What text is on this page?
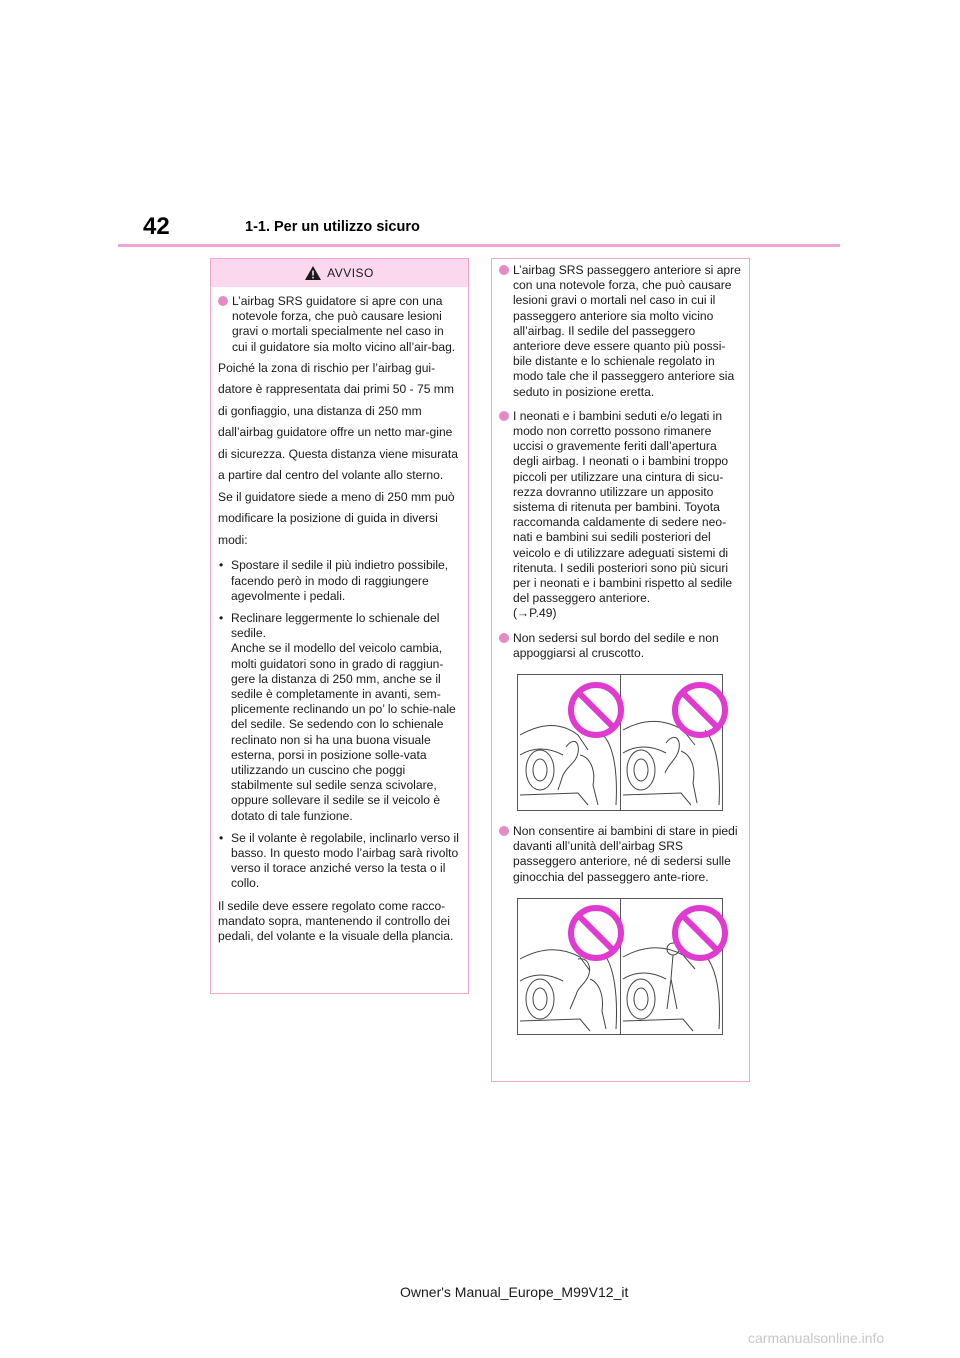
42	1-1. Per un utilizzo sicuro
AVVISO

L’airbag SRS guidatore si apre con una notevole forza, che può causare lesioni gravi o mortali specialmente nel caso in cui il guidatore sia molto vicino all’air-bag.

Poiché la zona di rischio per l’airbag gui-datore è rappresentata dai primi 50 - 75 mm di gonfiaggio, una distanza di 250 mm dall’airbag guidatore offre un netto mar-gine di sicurezza. Questa distanza viene misurata a partire dal centro del volante allo sterno. Se il guidatore siede a meno di 250 mm può modificare la posizione di guida in diversi modi:

• Spostare il sedile il più indietro possibile, facendo però in modo di raggiungere agevolmente i pedali.

• Reclinare leggermente lo schienale del sedile.
Anche se il modello del veicolo cambia, molti guidatori sono in grado di raggiun-gere la distanza di 250 mm, anche se il sedile è completamente in avanti, sem-plicemente reclinando un po’ lo schie-nale del sedile. Se sedendo con lo schienale reclinato non si ha una buona visuale esterna, porsi in posizione solle-vata utilizzando un cuscino che poggi stabilmente sul sedile senza scivolare, oppure sollevare il sedile se il veicolo è dotato di tale funzione.

• Se il volante è regolabile, inclinarlo verso il basso. In questo modo l’airbag sarà rivolto verso il torace anziché verso la testa o il collo.

Il sedile deve essere regolato come racco-mandato sopra, mantenendo il controllo dei pedali, del volante e la visuale della plancia.

L’airbag SRS passeggero anteriore si apre con una notevole forza, che può causare lesioni gravi o mortali nel caso in cui il passeggero anteriore sia molto vicino all’airbag. Il sedile del passeggero anteriore deve essere quanto più possi-bile distante e lo schienale regolato in modo tale che il passeggero anteriore sia seduto in posizione eretta.

I neonati e i bambini seduti e/o legati in modo non corretto possono rimanere uccisi o gravemente feriti dall’apertura degli airbag. I neonati o i bambini troppo piccoli per utilizzare una cintura di sicu-rezza dovranno utilizzare un apposito sistema di ritenuta per bambini. Toyota raccomanda caldamente di sedere neo-nati e bambini sui sedili posteriori del veicolo e di utilizzare adeguati sistemi di ritenuta. I sedili posteriori sono più sicuri per i neonati e i bambini rispetto al sedile del passeggero anteriore.
(→P.49)

Non sedersi sul bordo del sedile e non appoggiarsi al cruscotto.

Non consentire ai bambini di stare in piedi davanti all’unità dell’airbag SRS passeggero anteriore, né di sedersi sulle ginocchia del passeggero ante-riore.

Owner's Manual_Europe_M99V12_it
carmanualsonline.info
